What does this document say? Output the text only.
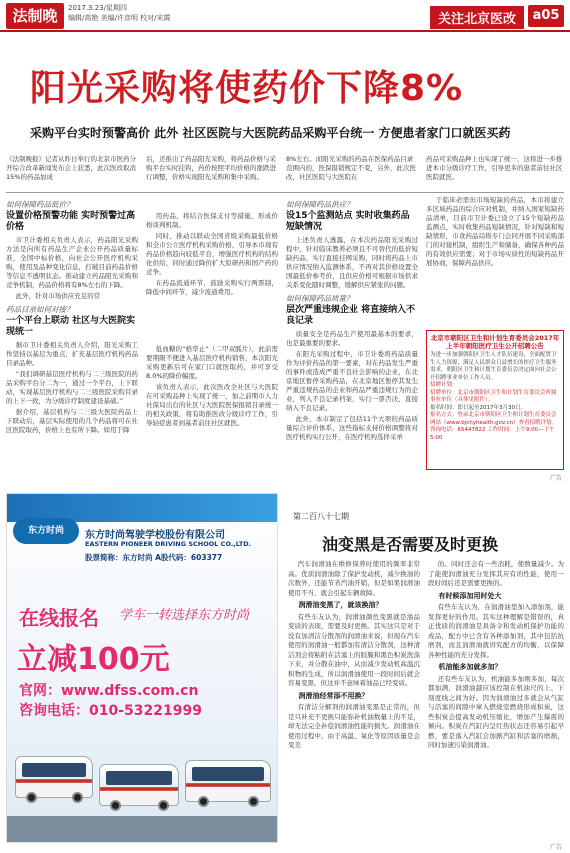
法制晚报
2017.3.23/星期四
编辑/高艳 美编/许彦明 校对/宋霞	关注北京医改	a05
阳光采购将使药价下降8%
采购平台实时预警高价 此外 社区医院与大医院药品采购平台统一 方便患者家门口就医买药
《法制晚报》记者从昨日举行的北京市医药分开综合改革新闻发布会上获悉，此次医改取消15%的药品加成
后，还推出了药品阳光采购，将药品价格与采购平台实时挂钩，药价按照平均价格的涨跌进行调整，价格实现阳光采购和集中采购。
8%左右。而阳光采购的药品在医保药品目录范围内的，医保报销规定不变，另外，此次医改，社区医院与大医院在
药品可采购品种上也实现了统一，这将进一步推进本市分级诊疗工作，引导更多的患者前往社区医院就医。
如何保障药品低价？
设置价格预警功能 实时预警过高价格

市卫计委相关负责人表示，药品阳光采购方法是向所有药品生产企业公开药品质量标准，全国中标价格，向社会公开医疗机构采购，使用及品种变化信息，打破目前药品价格等信息不透明状态。推动建立药品阳光采购和竞争机制，药品价格将有8%左右的下降。

此外，针对市场供应充足的常

药品目录如何对接？
一个平台上联动 社区与大医院实现统一

据市卫计委相关负责人介绍，阳光采购工作坚持以基层为重点，扩充基层医疗机构药品目录品种。

“我们调研基层医疗机构与二三级医院的药品采购平台分二为一，通过一个平台，上下联动，实现基层医疗机构与二三级医院采购目录的上下一致，为分级诊疗制度建设基础。”

据介绍，基层机构与二三级大医院药品上下联动后，基层实际使用的几个药品将可在社区医院取药，价格上也有所下降。如用于降

用药品，将结合医保支付等措施，形成价格谈判机制。

同时，推动以联动全国省级采购最低价格和全市公立医疗机构采购价格，引导本市现有药品价格趋向较低平台，增强医疗机构的结构化供给，同时通过降价扩大原研药和国产药的竞争。

在药品流通环节，鼓励采购实行两票制，降低中间环节，减少流通费用。

低血糖的“格华止”（二甲双胍片），此前需要期限不便进入基层医疗机构销售，本次阳光采购更新后可在家门口就医取药，并可享受8.0%的降价幅度。

该负责人表示，此次医改全社区与大医院在可采购品种上实现了统一，加之前期市人力社保局出台的社区与大医院医保报销目录统一的相关政策，将有助推医改分级诊疗工作，引导轻症患者到基者前往社区就医。

如何保障药品供应？
设15个监测站点 实时收集药品短缺情况

上述负责人透露，在本次药品阳光采购过程中，针对临床教养必须且不可替代的低价短缺药品，实行直接挂网采购，同时将药品上市供应情况纳入监测体系，不再对其价格设置全国最低价参考价，且供应价格可根据市场供求关系变化随时调整，缓解供应紧张的问题。

如何保障药品质量？
层次严重违规企业 将直接纳入不良记录

质量安全是药品生产使用最基本的要求，也是最重要的要求。

在阳光采购过程中，市卫计委将药品质量作为评价药品的第一要素，对在药品发生严重的事件或造成严重不良社会影响的企业，在北京地区暂停采购药品，在北京地区暂停其发生严重违规药品的企业和药品严重违规行为的企业，列入不良记录档案，实行一票否决，直接纳入不良记录。

此外，本市制定了包括11个大项的药品质量综合评价体系，这些指标支持价格调整将对医疗机构实行公开，在医疗机构选择采单

于临床必需但市场短缺的药品，本市将建立多区域药品的综合应对机制，并纳入国家短缺药品清单，目前市卫计委已设立了15个短缺药品监测点，实时收集药品短缺情况，针对短缺和短缺情形，市食药品局将专门会同开展不同采购部门的对接机制，组织生产和储备，确保各种药品的有效供应需要；对于市场实质性的短缺药品开展协商，保障药品供应。

北京市朝阳区卫生和计划生育委员会2017年上半年朝阳医疗卫生公开招聘公告
为进一步加强朝阳区卫生人才队伍建设，全面配置卫生人力资源，满足人民群众日益增长的医疗卫生服务需求，朝阳区卫生和计划生育委员会决定面向社会公开招聘事业单位工作人员。
招聘计划：
招聘单位：北京市朝阳区卫生和计划生育委员会所属事业单位（具体见附件）。
报名时间：即日起至2017年3月30日。
报名方式：登录北京市朝阳区卫生和计划生育委员会网站（www.bjchyhealth.gov.cn）查看招聘详情。
咨询电话：65447822 工作时间：上午9:00—下午5:00
广告
东方时尚	东方时尚驾驶学校股份有限公司
EASTERN PIONEER DRIVING SCHOOL CO.,LTD.
股票简称：东方时尚 A股代码：603377
在线报名 学车一转选择东方时尚
立减100元
官网：www.dfss.com.cn
咨询电话：010-53221999
第二百八十七期
油变黑是否需要及时更换

汽车润滑油在维修保养时使用的频率非常高。优质润滑油除了保护发动机，减少换油的次数外，还能节省汽油开销，但是如果润滑油使用不当，就会引起车辆故障。

润滑油变黑了，就该换油？

有些车友认为，润滑油颜色变黑就是油品变质的表现，需要及时更换。其实这只是对于没有加清洁分散剂的润滑油来说，但现在汽车使用的润滑油一般都加有清洁分散剂，这种清洁剂会将粘附在活塞上的胶膜和黑色积炭洗涤下来，并分散在油中，从而减少发动机高温沉积物的生成，所以润滑油使用一段时间后就会容易变黑，但这并不意味着油品已经变质。

润滑油经常添不用换？

有清洁分解剂的润滑油变黑是正常的，但是只补充不更换只能弥补机油数量上的不足，却无法完全补偿润滑油性能的损失。润滑油在使用过程中，由于高温、氧化等原因质量是会变差

的。同时还会有一些消耗，使数量减少。为了能使润滑油充分发挥其应有的性能，使用一段时间后还是需要更换的。

有时候添加用时处大

有些车友认为，在润滑油里加入添加剂，能发挥更好的作用。其实这种理解是错误的，真正优质的润滑油是具备令和发动机保护功能的成品，配方中已含有各种添加剂，其中包括抗磨剂，而且润滑油就讲究配方的均衡，以保障各种性能的充分发挥。

机油能多加就多加？

还有些车友认为，机油能多加则多加，每次都加满，润滑油越应该控制在机油尺的上、下刻度线之间为好。因为润滑油过多就会从气缸与活塞的间隙中窜入燃烧室燃烧形成积炭，这些积炭会提高发动机压缩比，增加产生爆震的倾向。积炭在汽缸内呈红热状态还容易引起早燃，要是落入汽缸会加剧汽缸和活塞的磨损，同时加速污染润滑油。

广告
